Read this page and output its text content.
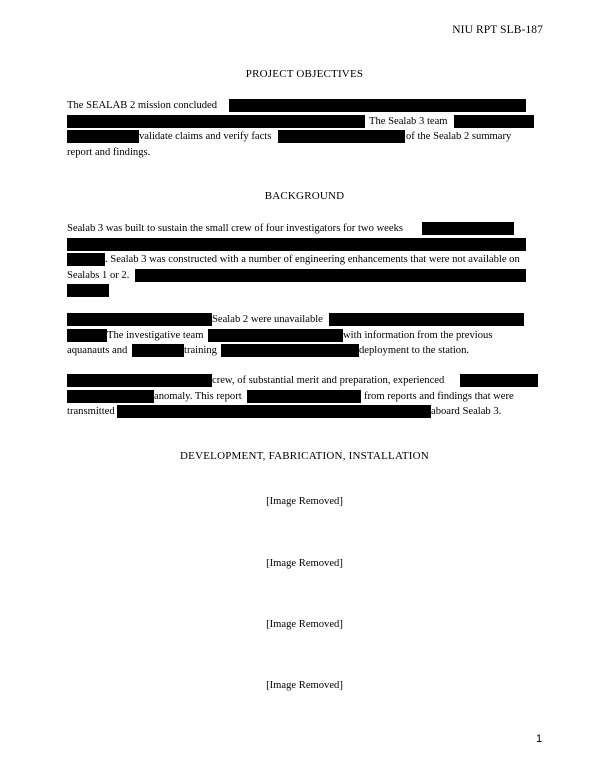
NIU RPT SLB-187
PROJECT OBJECTIVES
The SEALAB 2 mission concluded
The Sealab 3 team
validate claims and verify facts	of the Sealab 2 summary
report and findings.
BACKGROUND
Sealab 3 was built to sustain the small crew of four investigators for two weeks
. Sealab 3 was constructed with a number of engineering enhancements that were not available on
Sealabs 1 or 2.
Sealab 2 were unavailable
The investigative team	with information from the previous
aquanauts and	training	deployment to the station.
crew, of substantial merit and preparation, experienced
anomaly. This report	from reports and findings that were
transmitted	aboard Sealab 3.
DEVELOPMENT, FABRICATION, INSTALLATION
[Image Removed]
[Image Removed]
[Image Removed]
[Image Removed]
1
